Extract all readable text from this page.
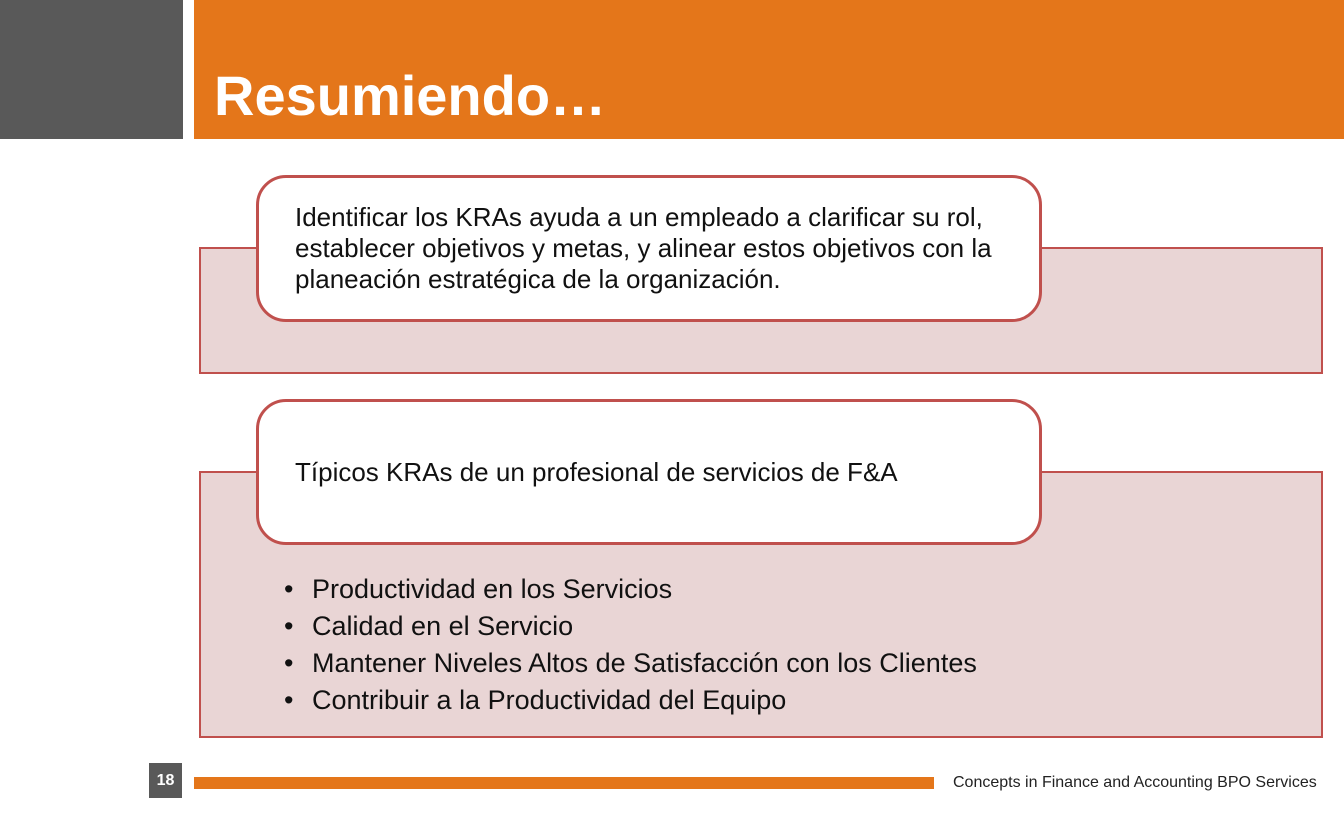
Resumiendo…
Identificar los KRAs ayuda a un empleado a clarificar su rol, establecer objetivos y metas, y alinear estos objetivos con la planeación estratégica de la organización.
Típicos KRAs de un profesional de servicios de F&A
• Productividad en los Servicios
• Calidad en el Servicio
• Mantener Niveles Altos de Satisfacción con los Clientes
• Contribuir a la Productividad del Equipo
18	Concepts in Finance and Accounting BPO Services
